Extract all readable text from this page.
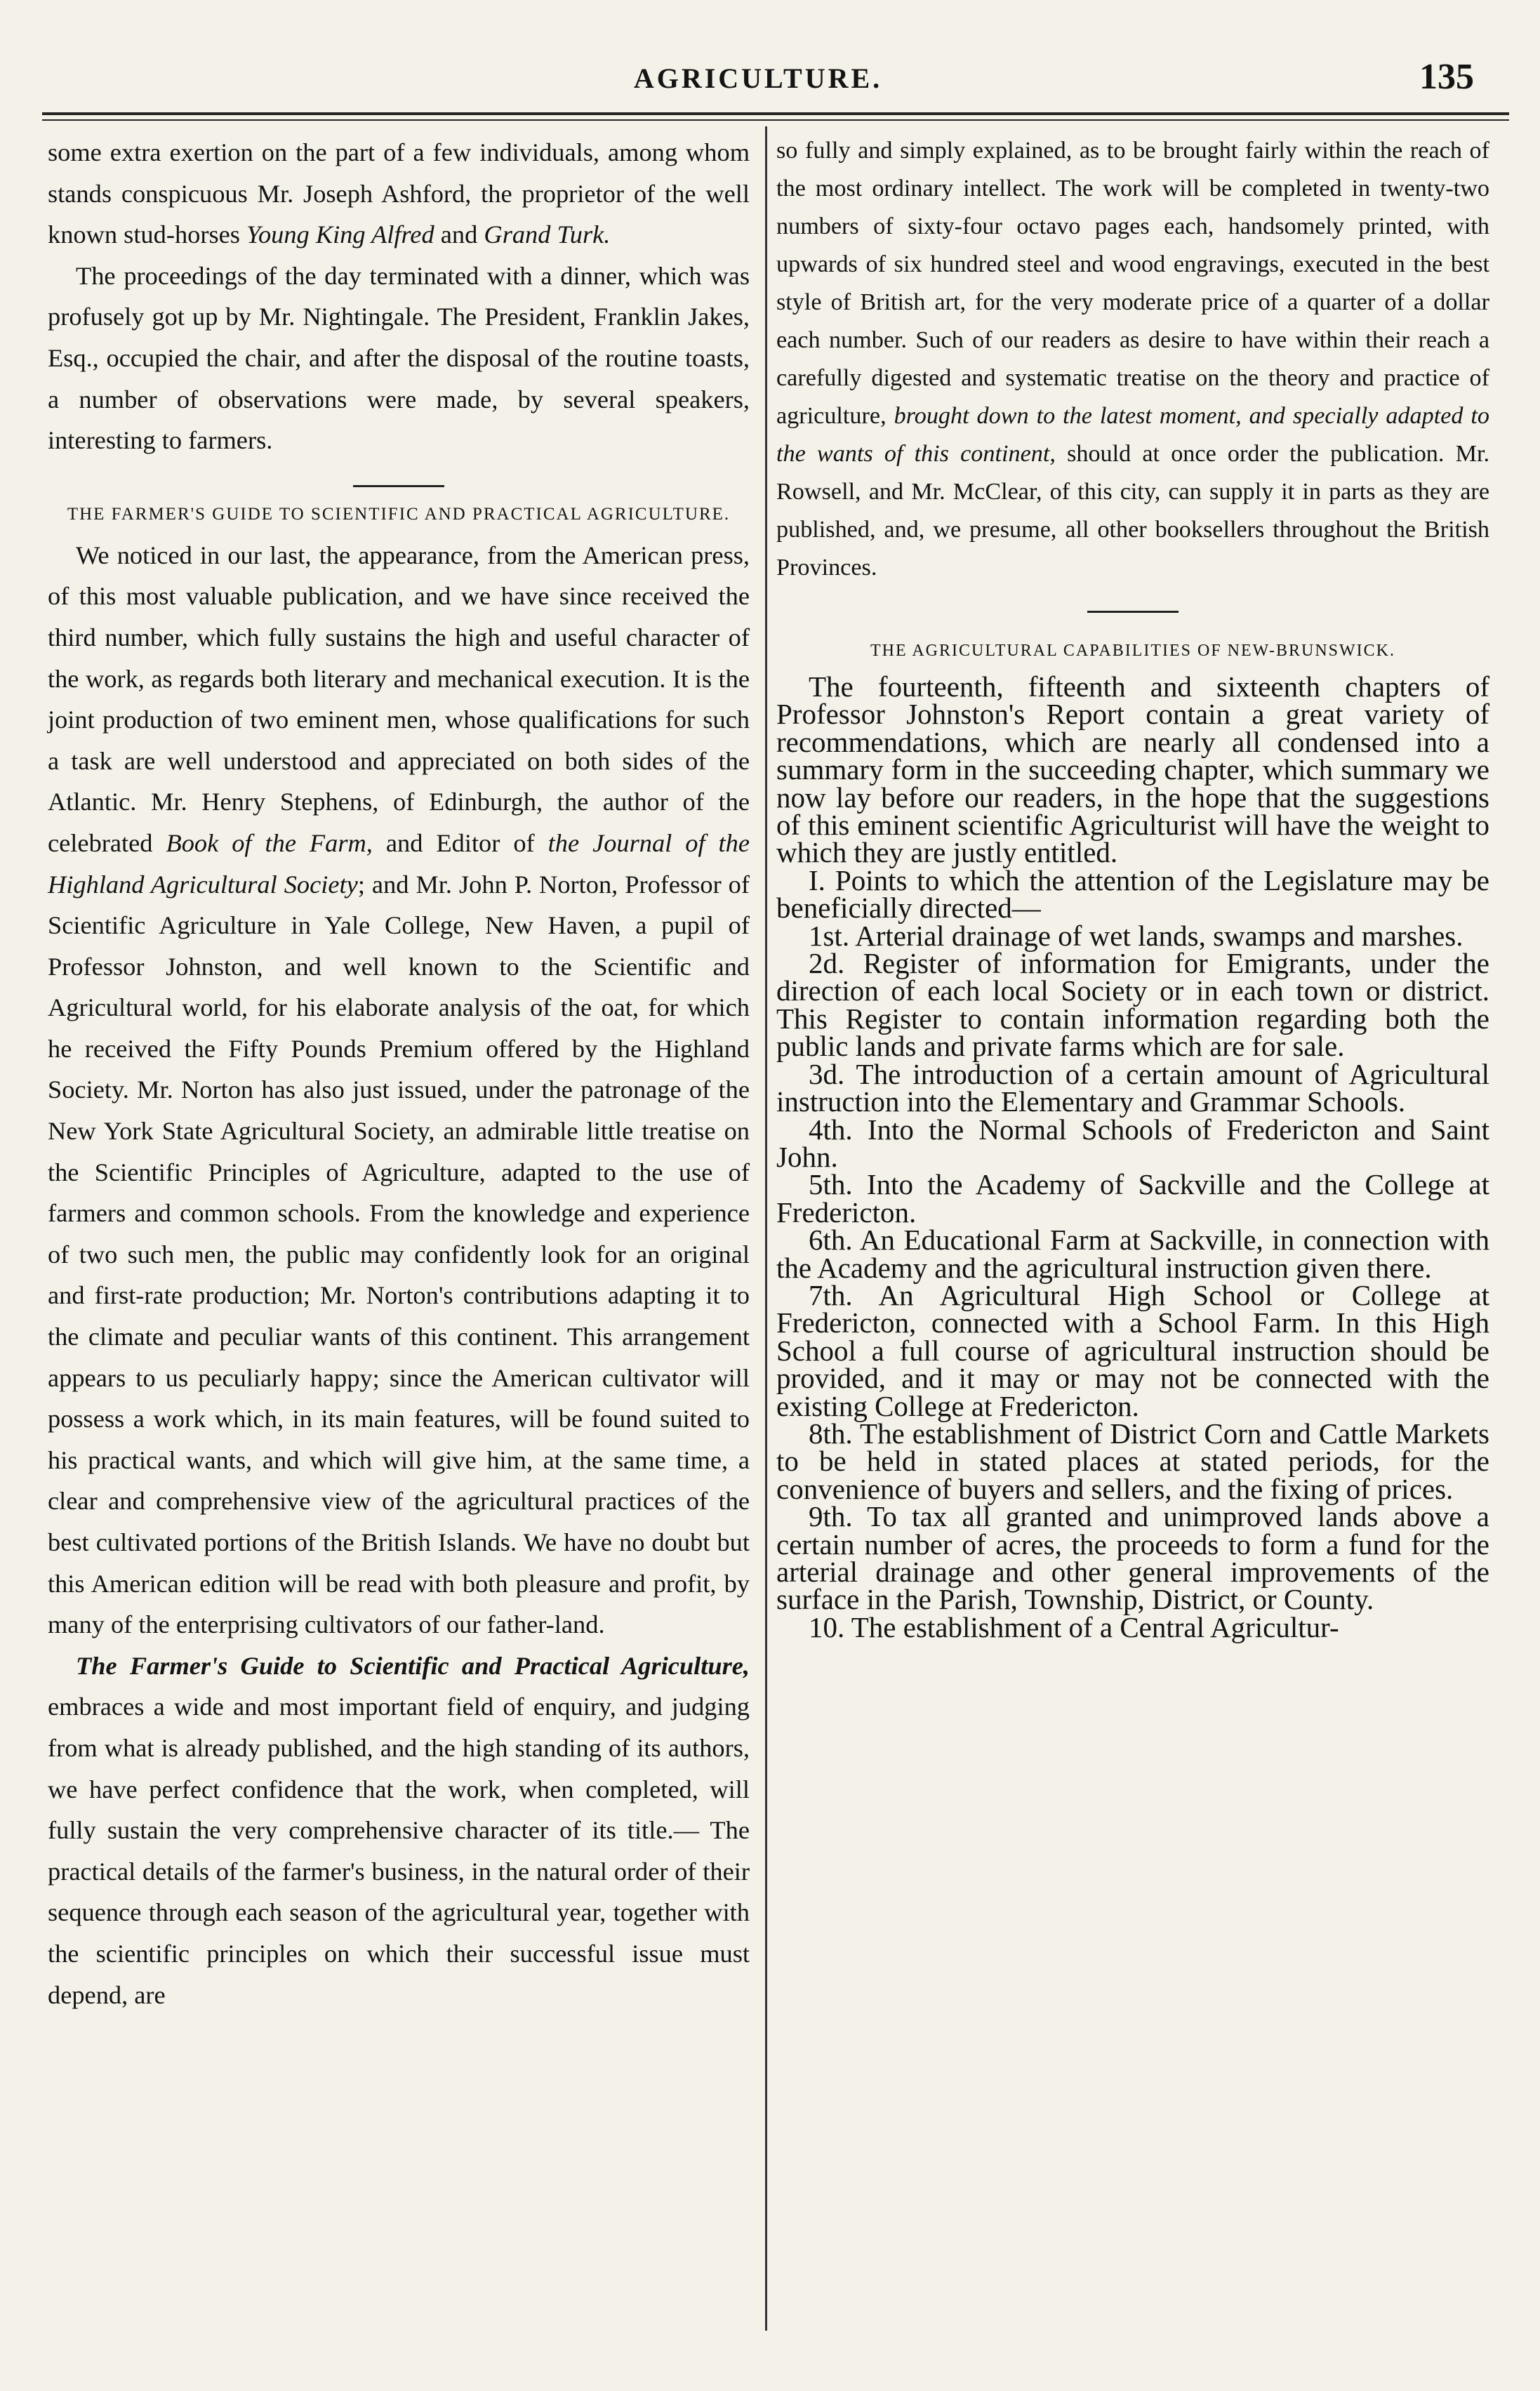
AGRICULTURE.	135

some extra exertion on the part of a few individuals, among whom stands conspicuous Mr. Joseph Ashford, the proprietor of the well known stud-horses Young King Alfred and Grand Turk.

The proceedings of the day terminated with a dinner, which was profusely got up by Mr. Nightingale. The President, Franklin Jakes, Esq., occupied the chair, and after the disposal of the routine toasts, a number of observations were made, by several speakers, interesting to farmers.

THE FARMER'S GUIDE TO SCIENTIFIC AND PRACTICAL AGRICULTURE.

We noticed in our last, the appearance, from the American press, of this most valuable publication, and we have since received the third number, which fully sustains the high and useful character of the work, as regards both literary and mechanical execution. It is the joint production of two eminent men, whose qualifications for such a task are well understood and appreciated on both sides of the Atlantic. Mr. Henry Stephens, of Edinburgh, the author of the celebrated Book of the Farm, and Editor of the Journal of the Highland Agricultural Society; and Mr. John P. Norton, Professor of Scientific Agriculture in Yale College, New Haven, a pupil of Professor Johnston, and well known to the Scientific and Agricultural world, for his elaborate analysis of the oat, for which he received the Fifty Pounds Premium offered by the Highland Society. Mr. Norton has also just issued, under the patronage of the New York State Agricultural Society, an admirable little treatise on the Scientific Principles of Agriculture, adapted to the use of farmers and common schools. From the knowledge and experience of two such men, the public may confidently look for an original and first-rate production; Mr. Norton's contributions adapting it to the climate and peculiar wants of this continent. This arrangement appears to us peculiarly happy; since the American cultivator will possess a work which, in its main features, will be found suited to his practical wants, and which will give him, at the same time, a clear and comprehensive view of the agricultural practices of the best cultivated portions of the British Islands. We have no doubt but this American edition will be read with both pleasure and profit, by many of the enterprising cultivators of our father-land.

The Farmer's Guide to Scientific and Practical Agriculture, embraces a wide and most important field of enquiry, and judging from what is already published, and the high standing of its authors, we have perfect confidence that the work, when completed, will fully sustain the very comprehensive character of its title.— The practical details of the farmer's business, in the natural order of their sequence through each season of the agricultural year, together with the scientific principles on which their successful issue must depend, are

so fully and simply explained, as to be brought fairly within the reach of the most ordinary intellect. The work will be completed in twenty-two numbers of sixty-four octavo pages each, handsomely printed, with upwards of six hundred steel and wood engravings, executed in the best style of British art, for the very moderate price of a quarter of a dollar each number. Such of our readers as desire to have within their reach a carefully digested and systematic treatise on the theory and practice of agriculture, brought down to the latest moment, and specially adapted to the wants of this continent, should at once order the publication. Mr. Rowsell, and Mr. McClear, of this city, can supply it in parts as they are published, and, we presume, all other booksellers throughout the British Provinces.

THE AGRICULTURAL CAPABILITIES OF NEW-BRUNSWICK.

The fourteenth, fifteenth and sixteenth chapters of Professor Johnston's Report contain a great variety of recommendations, which are nearly all condensed into a summary form in the succeeding chapter, which summary we now lay before our readers, in the hope that the suggestions of this eminent scientific Agriculturist will have the weight to which they are justly entitled.

I. Points to which the attention of the Legislature may be beneficially directed—

1st. Arterial drainage of wet lands, swamps and marshes.

2d. Register of information for Emigrants, under the direction of each local Society or in each town or district. This Register to contain information regarding both the public lands and private farms which are for sale.

3d. The introduction of a certain amount of Agricultural instruction into the Elementary and Grammar Schools.

4th. Into the Normal Schools of Fredericton and Saint John.

5th. Into the Academy of Sackville and the College at Fredericton.

6th. An Educational Farm at Sackville, in connection with the Academy and the agricultural instruction given there.

7th. An Agricultural High School or College at Fredericton, connected with a School Farm. In this High School a full course of agricultural instruction should be provided, and it may or may not be connected with the existing College at Fredericton.

8th. The establishment of District Corn and Cattle Markets to be held in stated places at stated periods, for the convenience of buyers and sellers, and the fixing of prices.

9th. To tax all granted and unimproved lands above a certain number of acres, the proceeds to form a fund for the arterial drainage and other general improvements of the surface in the Parish, Township, District, or County.

10. The establishment of a Central Agricultur-
